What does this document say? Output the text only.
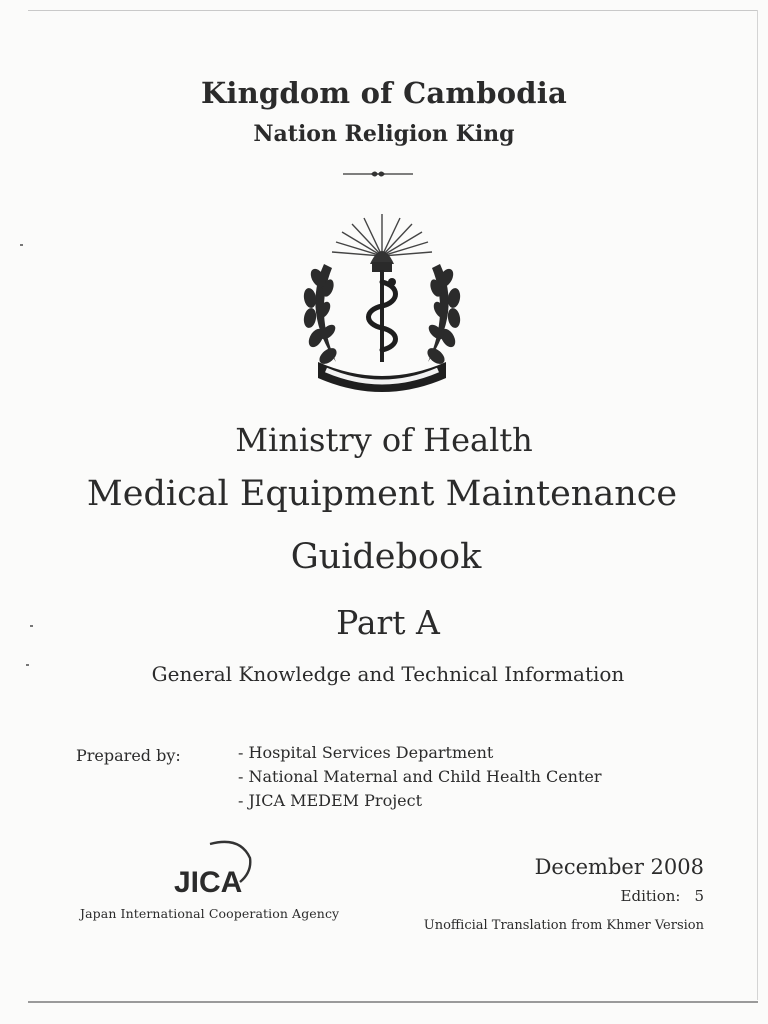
Kingdom of Cambodia
Nation Religion King
Ministry of Health
Medical Equipment Maintenance
Guidebook
Part A
General Knowledge and Technical Information
Prepared by:	- Hospital Services Department
- National Maternal and Child Health Center
- JICA MEDEM Project
JICA
Japan International Cooperation Agency
December 2008
Edition: 5
Unofficial Translation from Khmer Version
